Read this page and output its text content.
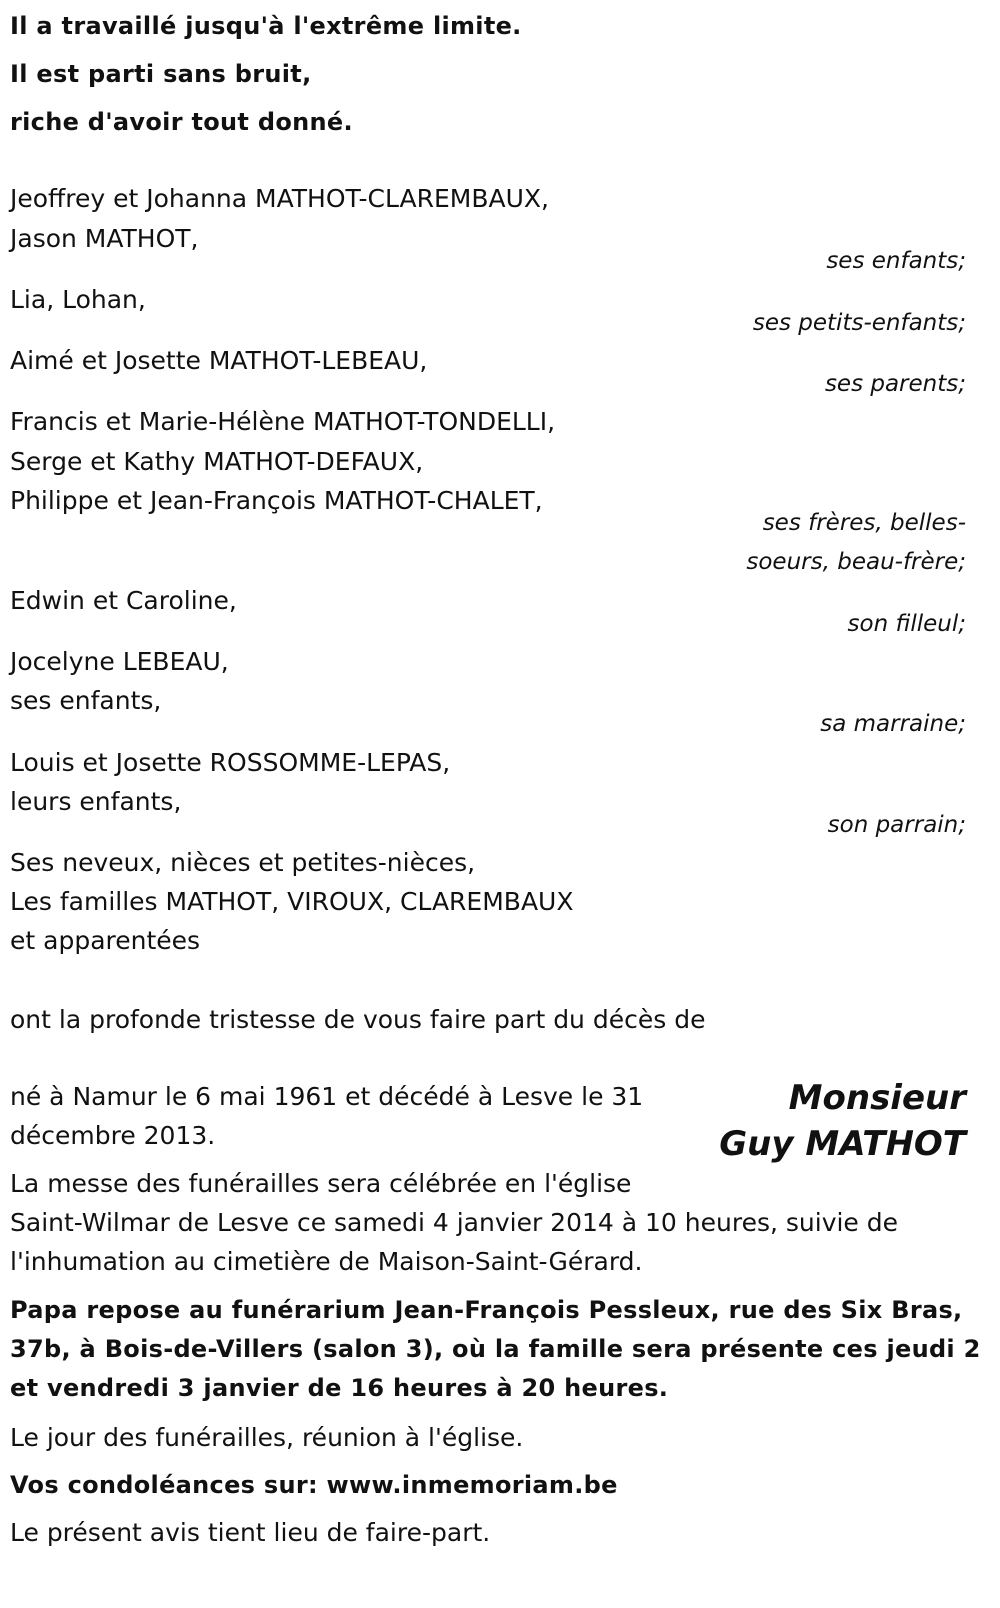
Il a travaillé jusqu'à l'extrême limite.

Il est parti sans bruit,

riche d'avoir tout donné.

Jeoffrey et Johanna MATHOT-CLAREMBAUX,

Jason MATHOT,

ses enfants;

Lia, Lohan,

ses petits-enfants;

Aimé et Josette MATHOT-LEBEAU,

ses parents;

Francis et Marie-Hélène MATHOT-TONDELLI,

Serge et Kathy MATHOT-DEFAUX,

Philippe et Jean-François MATHOT-CHALET,

ses frères, belles-

soeurs, beau-frère;

Edwin et Caroline,

son filleul;

Jocelyne LEBEAU,

ses enfants,

sa marraine;

Louis et Josette ROSSOMME-LEPAS,

leurs enfants,

son parrain;

Ses neveux, nièces et petites-nièces,

Les familles MATHOT, VIROUX, CLAREMBAUX

et apparentées

ont la profonde tristesse de vous faire part du décès de

Monsieur

Guy MATHOT

né à Namur le 6 mai 1961 et décédé à Lesve le 31

décembre 2013.

La messe des funérailles sera célébrée en l'église

Saint-Wilmar de Lesve ce samedi 4 janvier 2014 à 10 heures, suivie de

l'inhumation au cimetière de Maison-Saint-Gérard.

Papa repose au funérarium Jean-François Pessleux, rue des Six Bras,

37b, à Bois-de-Villers (salon 3), où la famille sera présente ces jeudi 2

et vendredi 3 janvier de 16 heures à 20 heures.

Le jour des funérailles, réunion à l'église.

Vos condoléances sur: www.inmemoriam.be

Le présent avis tient lieu de faire-part.
